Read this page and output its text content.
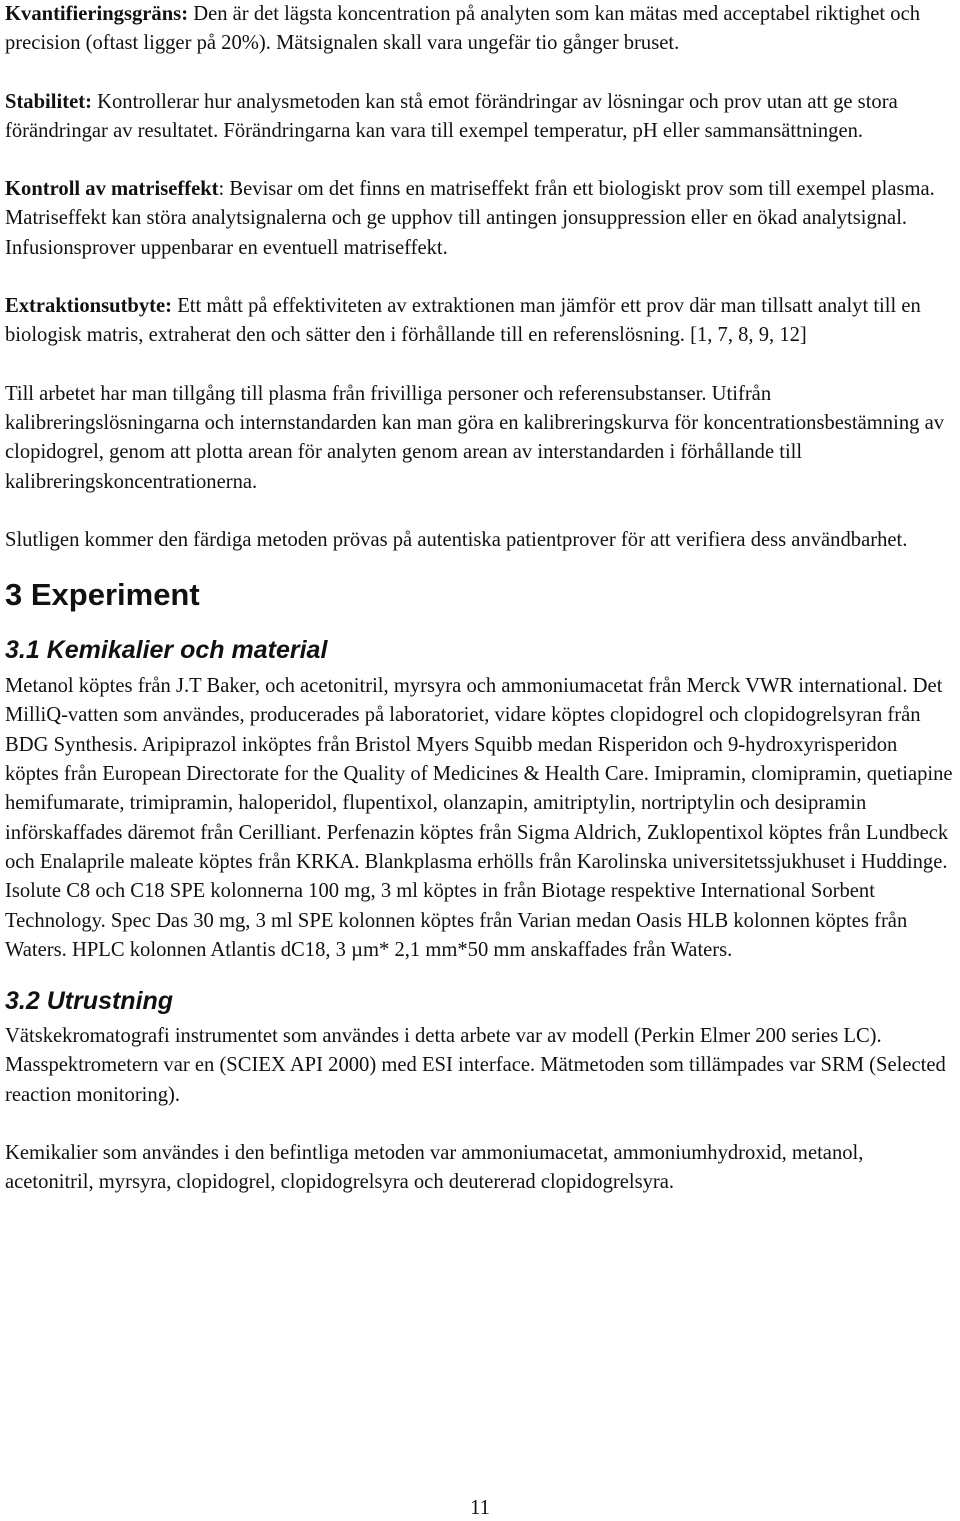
Kvantifieringsgräns: Den är det lägsta koncentration på analyten som kan mätas med acceptabel riktighet och precision (oftast ligger på 20%). Mätsignalen skall vara ungefär tio gånger bruset.

Stabilitet: Kontrollerar hur analysmetoden kan stå emot förändringar av lösningar och prov utan att ge stora förändringar av resultatet. Förändringarna kan vara till exempel temperatur, pH eller sammansättningen.

Kontroll av matriseffekt: Bevisar om det finns en matriseffekt från ett biologiskt prov som till exempel plasma. Matriseffekt kan störa analytsignalerna och ge upphov till antingen jonsuppression eller en ökad analytsignal. Infusionsprover uppenbarar en eventuell matriseffekt.

Extraktionsutbyte: Ett mått på effektiviteten av extraktionen man jämför ett prov där man tillsatt analyt till en biologisk matris, extraherat den och sätter den i förhållande till en referenslösning. [1, 7, 8, 9, 12]

Till arbetet har man tillgång till plasma från frivilliga personer och referensubstanser. Utifrån kalibreringslösningarna och internstandarden kan man göra en kalibreringskurva för koncentrationsbestämning av clopidogrel, genom att plotta arean för analyten genom arean av interstandarden i förhållande till kalibreringskoncentrationerna.

Slutligen kommer den färdiga metoden prövas på autentiska patientprover för att verifiera dess användbarhet.

3 Experiment
3.1 Kemikalier och material

Metanol köptes från J.T Baker, och acetonitril, myrsyra och ammoniumacetat från Merck VWR international. Det MilliQ-vatten som användes, producerades på laboratoriet, vidare köptes clopidogrel och clopidogrelsyran från BDG Synthesis. Aripiprazol inköptes från Bristol Myers Squibb medan Risperidon och 9-hydroxyrisperidon köptes från European Directorate for the Quality of Medicines & Health Care. Imipramin, clomipramin, quetiapine hemifumarate, trimipramin, haloperidol, flupentixol, olanzapin, amitriptylin, nortriptylin och desipramin införskaffades däremot från Cerilliant. Perfenazin köptes från Sigma Aldrich, Zuklopentixol köptes från Lundbeck och Enalaprile maleate köptes från KRKA. Blankplasma erhölls från Karolinska universitetssjukhuset i Huddinge. Isolute C8 och C18 SPE kolonnerna 100 mg, 3 ml köptes in från Biotage respektive International Sorbent Technology. Spec Das 30 mg, 3 ml SPE kolonnen köptes från Varian medan Oasis HLB kolonnen köptes från Waters. HPLC kolonnen Atlantis dC18, 3 µm* 2,1 mm*50 mm anskaffades från Waters.

3.2 Utrustning

Vätskekromatografi instrumentet som användes i detta arbete var av modell (Perkin Elmer 200 series LC). Masspektrometern var en (SCIEX API 2000) med ESI interface. Mätmetoden som tillämpades var SRM (Selected reaction monitoring).

Kemikalier som användes i den befintliga metoden var ammoniumacetat, ammoniumhydroxid, metanol, acetonitril, myrsyra, clopidogrel, clopidogrelsyra och deutererad clopidogrelsyra.

11
